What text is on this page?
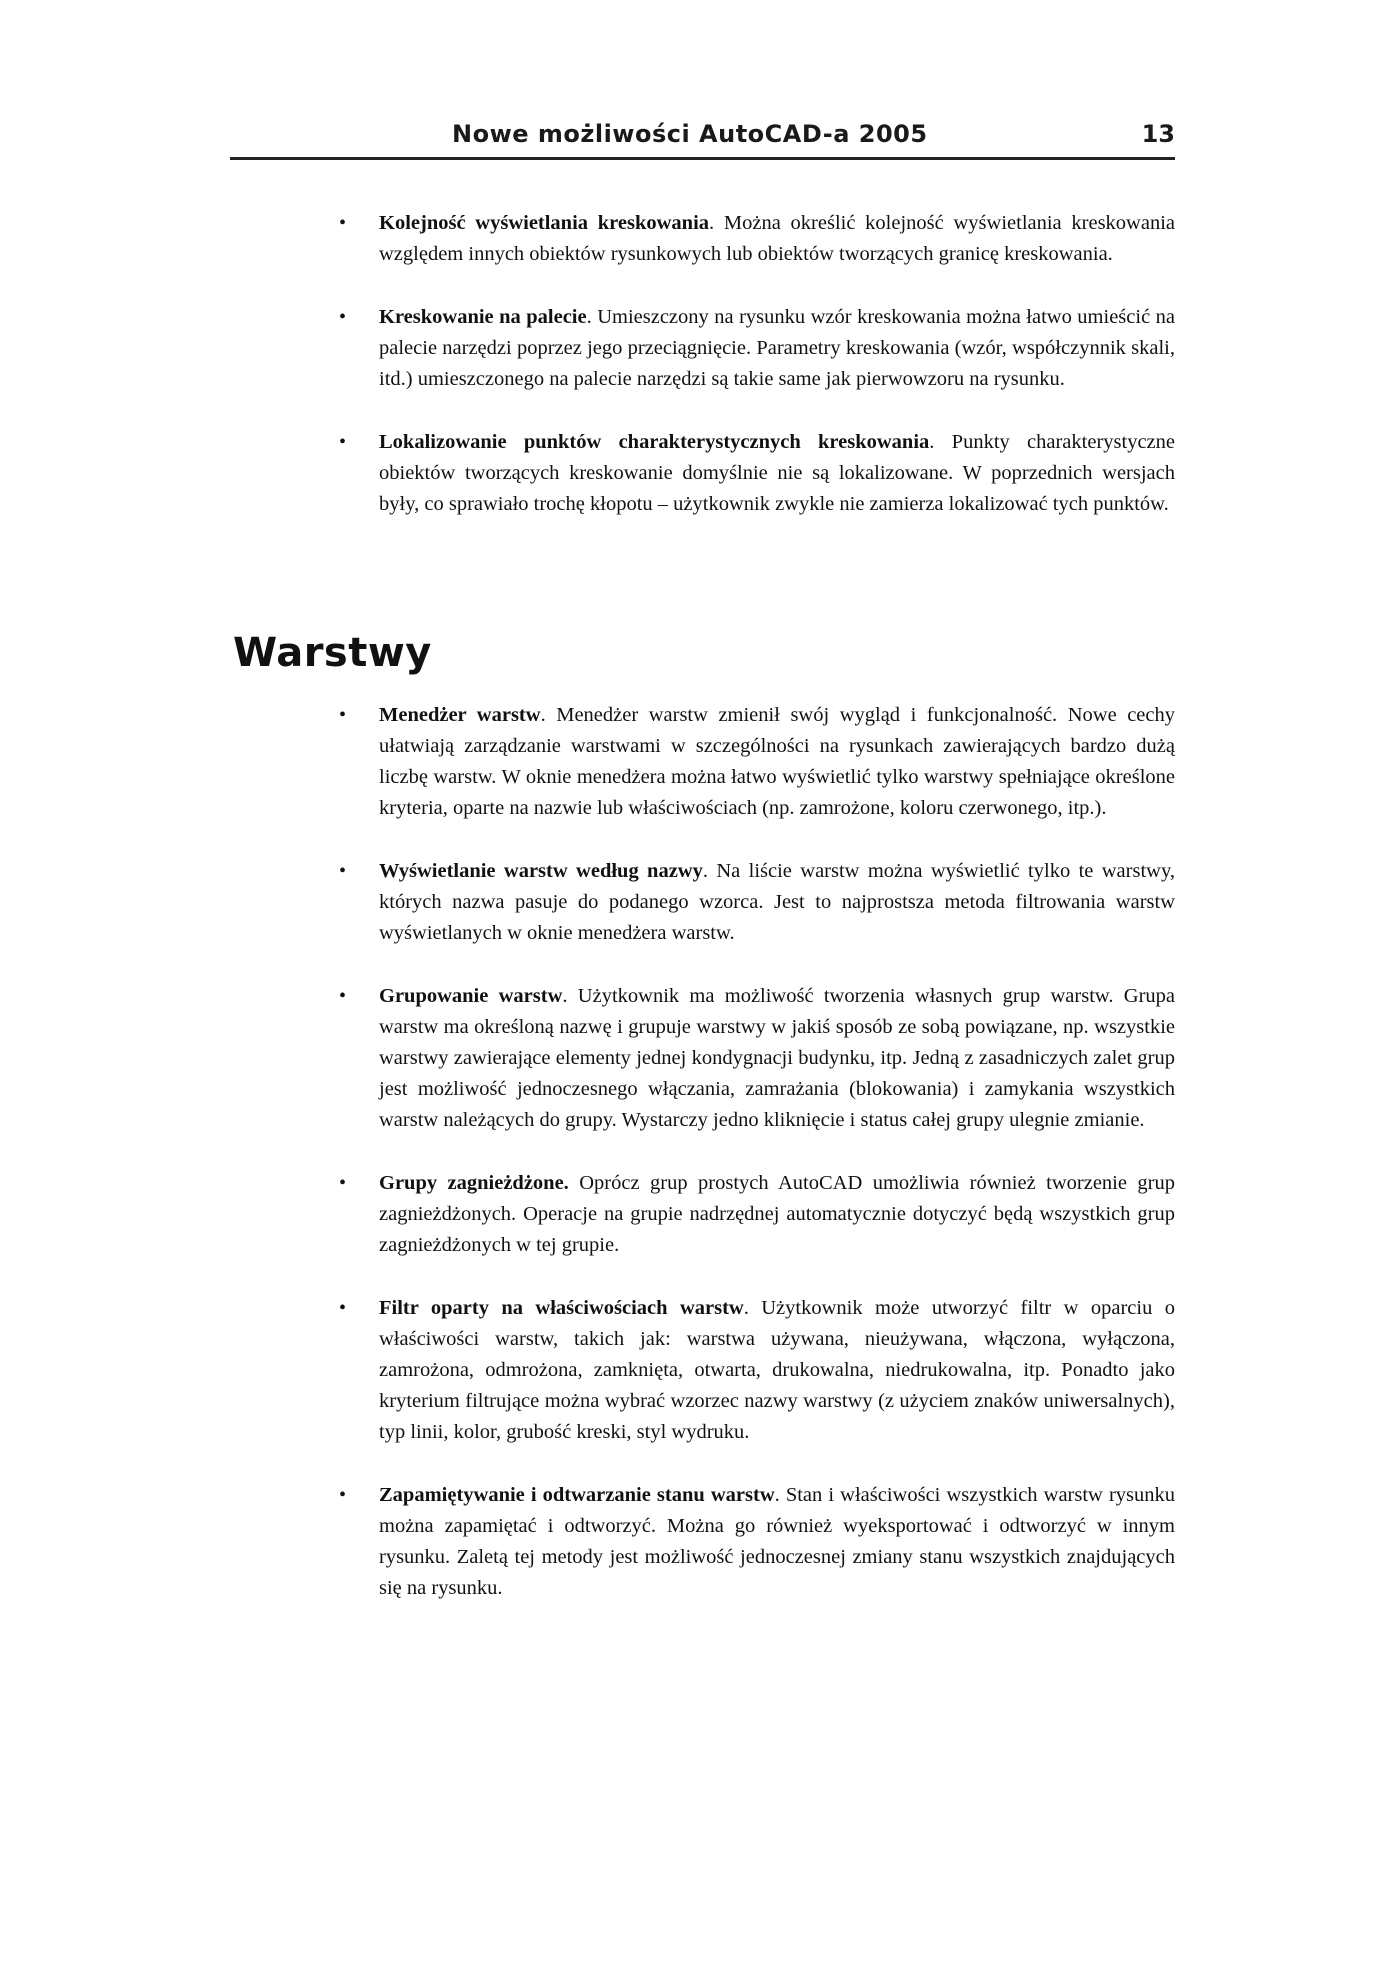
Nowe możliwości AutoCAD-a 2005	13
• Kolejność wyświetlania kreskowania. Można określić kolejność wyświetlania kreskowania względem innych obiektów rysunkowych lub obiektów tworzących granicę kreskowania.
• Kreskowanie na palecie. Umieszczony na rysunku wzór kreskowania można łatwo umieścić na palecie narzędzi poprzez jego przeciągnięcie. Parametry kreskowania (wzór, współczynnik skali, itd.) umieszczonego na palecie narzędzi są takie same jak pierwowzoru na rysunku.
• Lokalizowanie punktów charakterystycznych kreskowania. Punkty charakterystyczne obiektów tworzących kreskowanie domyślnie nie są lokalizowane. W poprzednich wersjach były, co sprawiało trochę kłopotu – użytkownik zwykle nie zamierza lokalizować tych punktów.
Warstwy
• Menedżer warstw. Menedżer warstw zmienił swój wygląd i funkcjonalność. Nowe cechy ułatwiają zarządzanie warstwami w szczególności na rysunkach zawierających bardzo dużą liczbę warstw. W oknie menedżera można łatwo wyświetlić tylko warstwy spełniające określone kryteria, oparte na nazwie lub właściwościach (np. zamrożone, koloru czerwonego, itp.).
• Wyświetlanie warstw według nazwy. Na liście warstw można wyświetlić tylko te warstwy, których nazwa pasuje do podanego wzorca. Jest to najprostsza metoda filtrowania warstw wyświetlanych w oknie menedżera warstw.
• Grupowanie warstw. Użytkownik ma możliwość tworzenia własnych grup warstw. Grupa warstw ma określoną nazwę i grupuje warstwy w jakiś sposób ze sobą powiązane, np. wszystkie warstwy zawierające elementy jednej kondygnacji budynku, itp. Jedną z zasadniczych zalet grup jest możliwość jednoczesnego włączania, zamrażania (blokowania) i zamykania wszystkich warstw należących do grupy. Wystarczy jedno kliknięcie i status całej grupy ulegnie zmianie.
• Grupy zagnieżdżone. Oprócz grup prostych AutoCAD umożliwia również tworzenie grup zagnieżdżonych. Operacje na grupie nadrzędnej automatycznie dotyczyć będą wszystkich grup zagnieżdżonych w tej grupie.
• Filtr oparty na właściwościach warstw. Użytkownik może utworzyć filtr w oparciu o właściwości warstw, takich jak: warstwa używana, nieużywana, włączona, wyłączona, zamrożona, odmrożona, zamknięta, otwarta, drukowalna, niedrukowalna, itp. Ponadto jako kryterium filtrujące można wybrać wzorzec nazwy warstwy (z użyciem znaków uniwersalnych), typ linii, kolor, grubość kreski, styl wydruku.
• Zapamiętywanie i odtwarzanie stanu warstw. Stan i właściwości wszystkich warstw rysunku można zapamiętać i odtworzyć. Można go również wyeksportować i odtworzyć w innym rysunku. Zaletą tej metody jest możliwość jednoczesnej zmiany stanu wszystkich znajdujących się na rysunku.
